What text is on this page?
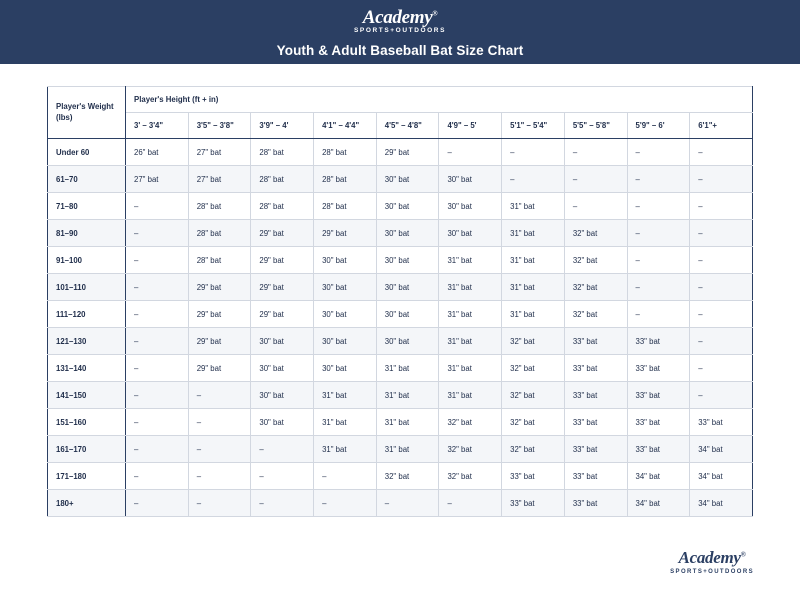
Academy®
SPORTS+OUTDOORS
Youth & Adult Baseball Bat Size Chart
Player's Weight (lbs)	Player's Height (ft + in)									
	3' – 3'4"	3'5" – 3'8"	3'9" – 4'	4'1" – 4'4"	4'5" – 4'8"	4'9" – 5'	5'1" – 5'4"	5'5" – 5'8"	5'9" – 6'	6'1"+
Under 60	26" bat	27" bat	28" bat	28" bat	29" bat	–	–	–	–	–
61–70	27" bat	27" bat	28" bat	28" bat	30" bat	30" bat	–	–	–	–
71–80	–	28" bat	28" bat	28" bat	30" bat	30" bat	31" bat	–	–	–
81–90	–	28" bat	29" bat	29" bat	30" bat	30" bat	31" bat	32" bat	–	–
91–100	–	28" bat	29" bat	30" bat	30" bat	31" bat	31" bat	32" bat	–	–
101–110	–	29" bat	29" bat	30" bat	30" bat	31" bat	31" bat	32" bat	–	–
111–120	–	29" bat	29" bat	30" bat	30" bat	31" bat	31" bat	32" bat	–	–
121–130	–	29" bat	30" bat	30" bat	30" bat	31" bat	32" bat	33" bat	33" bat	–
131–140	–	29" bat	30" bat	30" bat	31" bat	31" bat	32" bat	33" bat	33" bat	–
141–150	–	–	30" bat	31" bat	31" bat	31" bat	32" bat	33" bat	33" bat	–
151–160	–	–	30" bat	31" bat	31" bat	32" bat	32" bat	33" bat	33" bat	33" bat
161–170	–	–	–	31" bat	31" bat	32" bat	32" bat	33" bat	33" bat	34" bat
171–180	–	–	–	–	32" bat	32" bat	33" bat	33" bat	34" bat	34" bat
180+	–	–	–	–	–	–	33" bat	33" bat	34" bat	34" bat
Academy®
SPORTS+OUTDOORS
